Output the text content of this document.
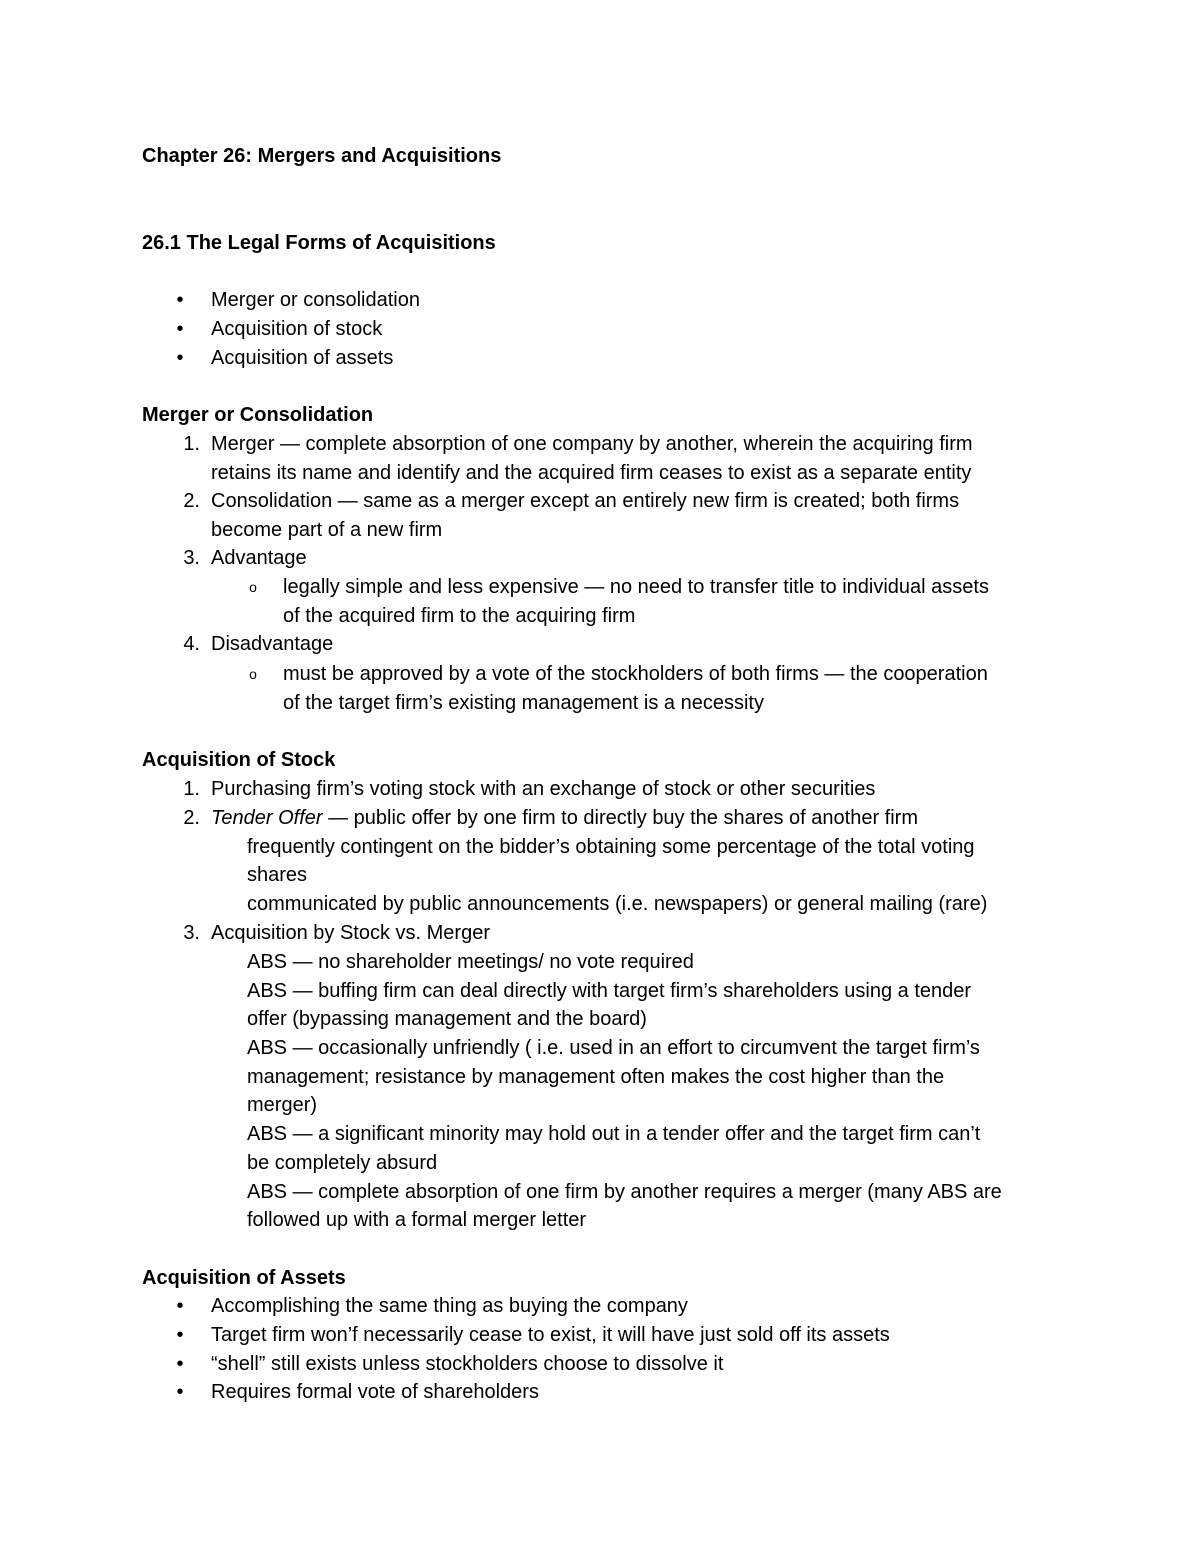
Chapter 26: Mergers and Acquisitions
26.1 The Legal Forms of Acquisitions
• Merger or consolidation
• Acquisition of stock
• Acquisition of assets
Merger or Consolidation
1. Merger — complete absorption of one company by another, wherein the acquiring firm
retains its name and identify and the acquired firm ceases to exist as a separate entity
2. Consolidation — same as a merger except an entirely new firm is created; both firms
become part of a new firm
3. Advantage
o legally simple and less expensive — no need to transfer title to individual assets
of the acquired firm to the acquiring firm
4. Disadvantage
o must be approved by a vote of the stockholders of both firms — the cooperation
of the target firm’s existing management is a necessity
Acquisition of Stock
1. Purchasing firm’s voting stock with an exchange of stock or other securities
2. Tender Offer — public offer by one firm to directly buy the shares of another firm
frequently contingent on the bidder’s obtaining some percentage of the total voting
shares
communicated by public announcements (i.e. newspapers) or general mailing (rare)
3. Acquisition by Stock vs. Merger
ABS — no shareholder meetings/ no vote required
ABS — buffing firm can deal directly with target firm’s shareholders using a tender
offer (bypassing management and the board)
ABS — occasionally unfriendly ( i.e. used in an effort to circumvent the target firm’s
management; resistance by management often makes the cost higher than the
merger)
ABS — a significant minority may hold out in a tender offer and the target firm can’t
be completely absurd
ABS — complete absorption of one firm by another requires a merger (many ABS are
followed up with a formal merger letter
Acquisition of Assets
• Accomplishing the same thing as buying the company
• Target firm won’f necessarily cease to exist, it will have just sold off its assets
• “shell” still exists unless stockholders choose to dissolve it
• Requires formal vote of shareholders
